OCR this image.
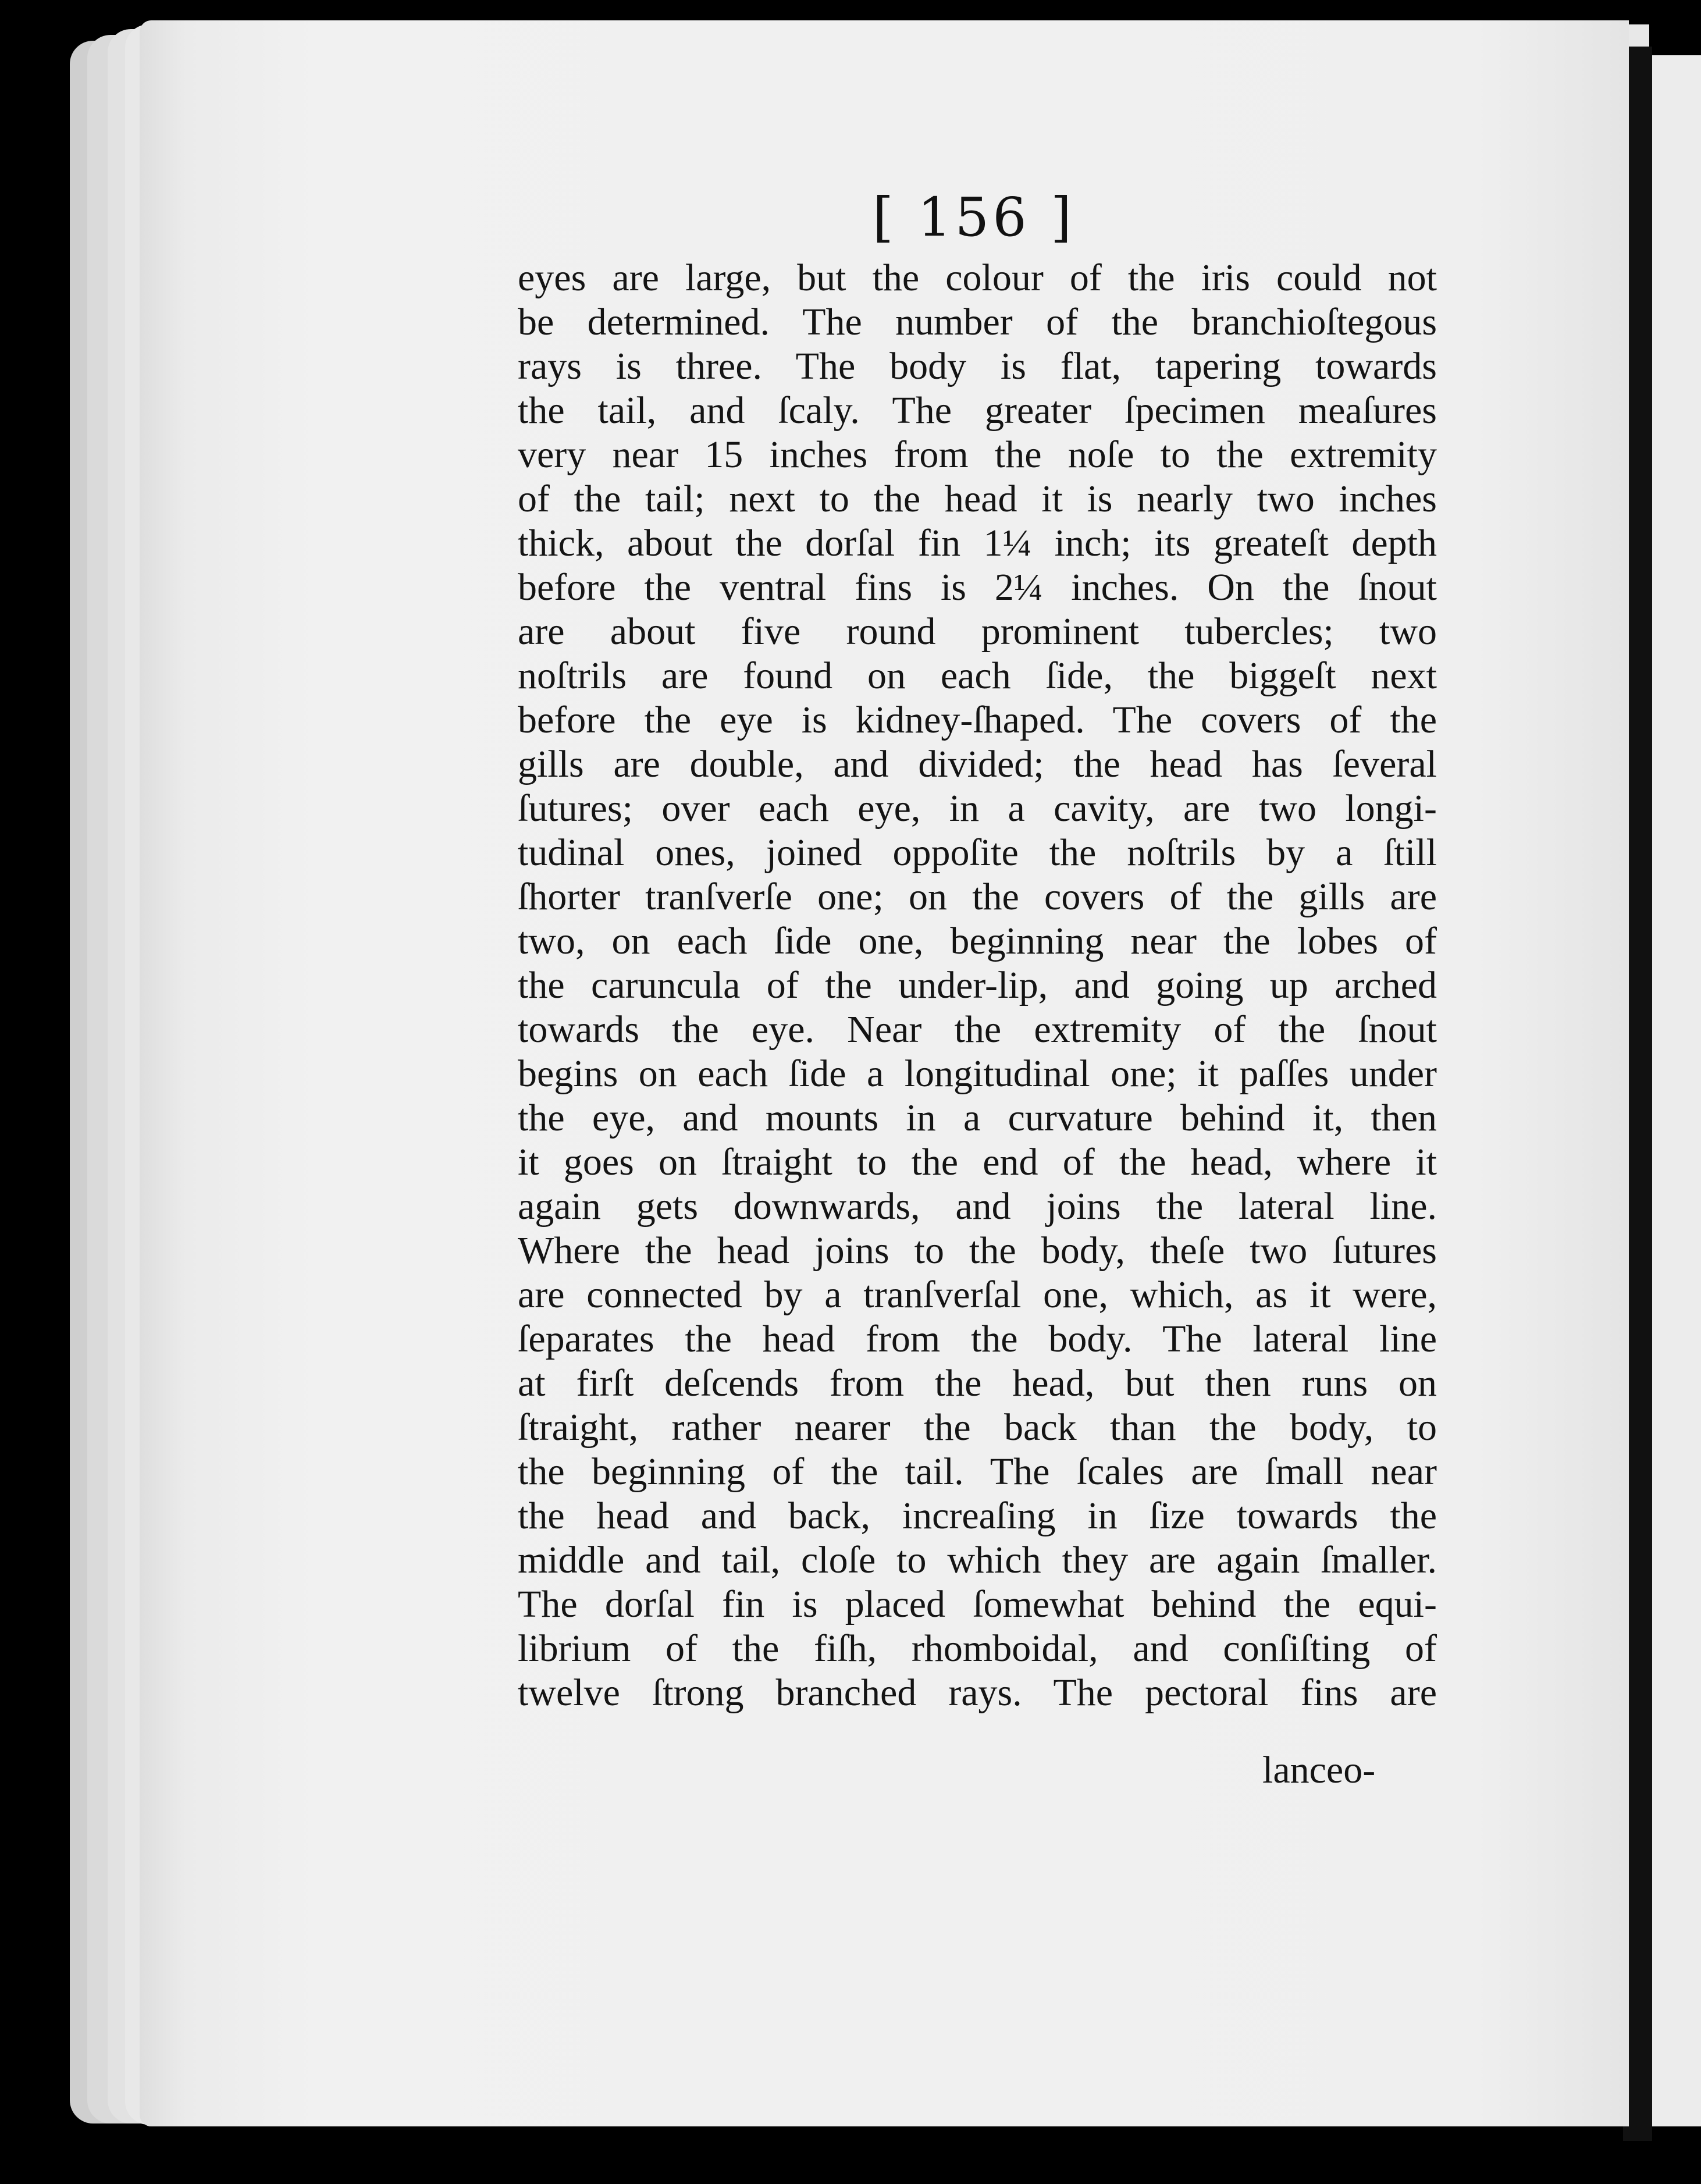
[ 156 ]
eyes are large, but the colour of the iris could not
be determined. The number of the branchioſtegous
rays is three. The body is flat, tapering towards
the tail, and ſcaly. The greater ſpecimen meaſures
very near 15 inches from the noſe to the extremity
of the tail; next to the head it is nearly two inches
thick, about the dorſal fin 1¼ inch; its greateſt depth
before the ventral fins is 2¼ inches. On the ſnout
are about five round prominent tubercles; two
noſtrils are found on each ſide, the biggeſt next
before the eye is kidney-ſhaped. The covers of the
gills are double, and divided; the head has ſeveral
ſutures; over each eye, in a cavity, are two longi-
tudinal ones, joined oppoſite the noſtrils by a ſtill
ſhorter tranſverſe one; on the covers of the gills are
two, on each ſide one, beginning near the lobes of
the caruncula of the under-lip, and going up arched
towards the eye. Near the extremity of the ſnout
begins on each ſide a longitudinal one; it paſſes under
the eye, and mounts in a curvature behind it, then
it goes on ſtraight to the end of the head, where it
again gets downwards, and joins the lateral line.
Where the head joins to the body, theſe two ſutures
are connected by a tranſverſal one, which, as it were,
ſeparates the head from the body. The lateral line
at firſt deſcends from the head, but then runs on
ſtraight, rather nearer the back than the body, to
the beginning of the tail. The ſcales are ſmall near
the head and back, increaſing in ſize towards the
middle and tail, cloſe to which they are again ſmaller.
The dorſal fin is placed ſomewhat behind the equi-
librium of the fiſh, rhomboidal, and conſiſting of
twelve ſtrong branched rays. The pectoral fins are
lanceo-
